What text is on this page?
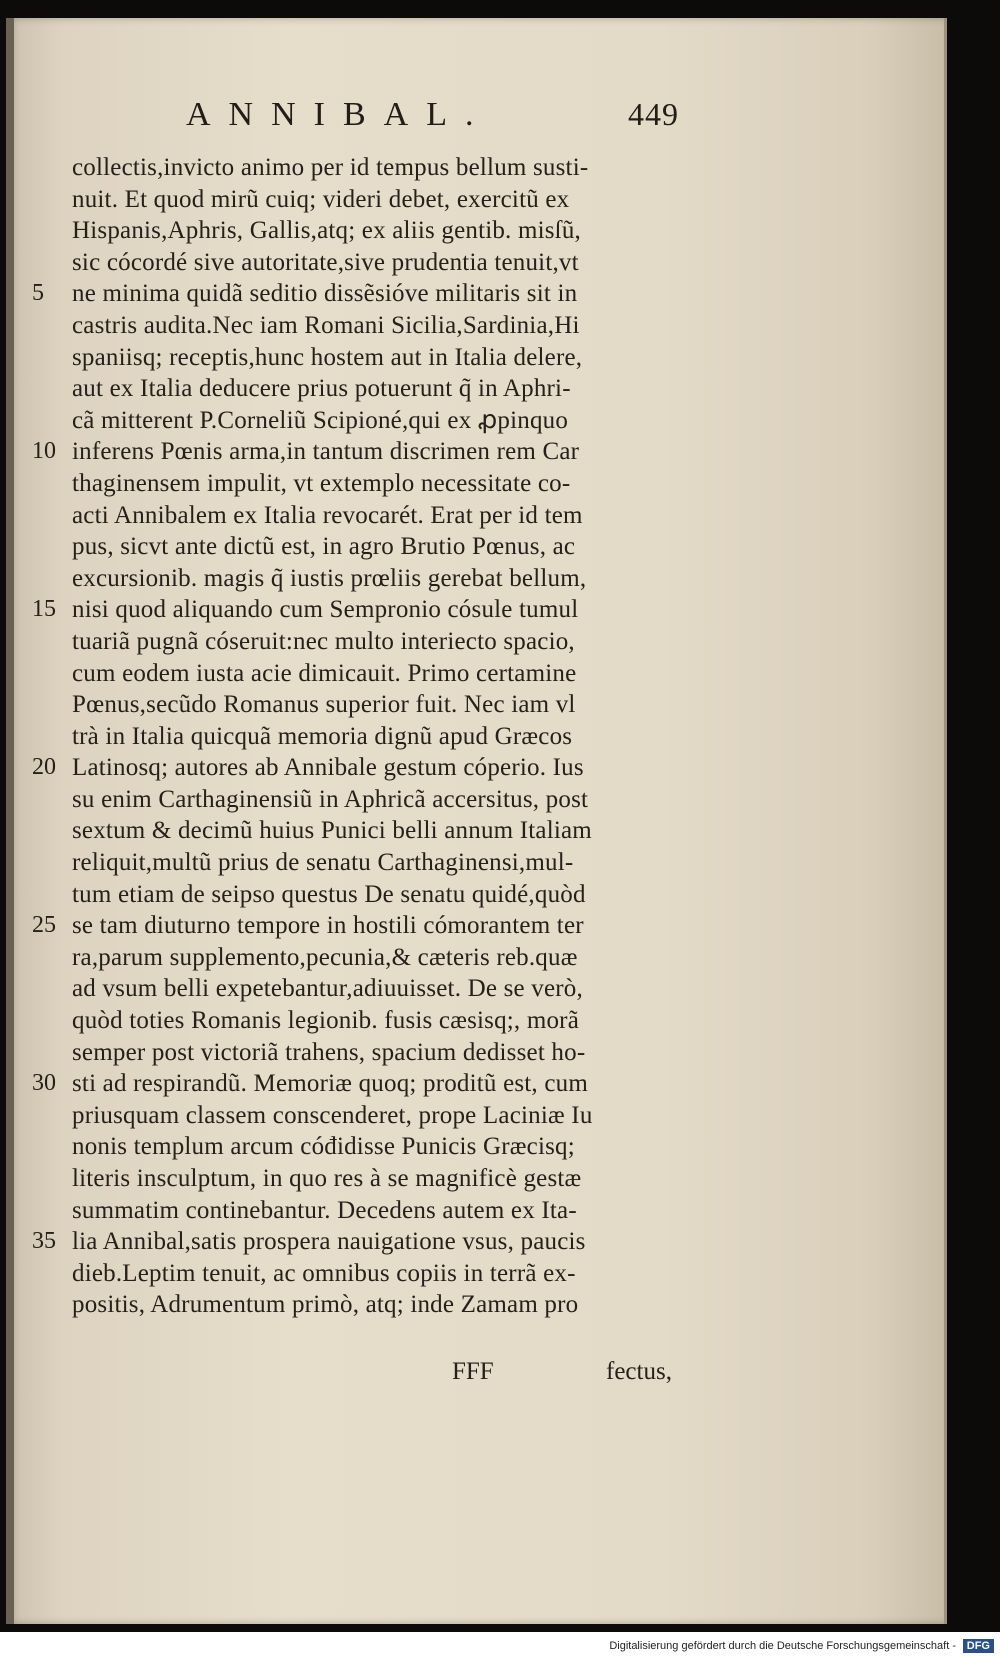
ANNIBAL.	449
collectis,invicto animo per id tempus bellum susti-
nuit. Et quod mirũ cuiq; videri debet, exercitũ ex
Hispanis,Aphris, Gallis,atq; ex aliis gentib. misſũ,
sic cócordé sive autoritate,sive prudentia tenuit,vt
5	ne minima quidã seditio dissẽsióve militaris sit in
castris audita.Nec iam Romani Sicilia,Sardinia,Hi
spaniisq; receptis,hunc hostem aut in Italia delere,
aut ex Italia deducere prius potuerunt q̃ in Aphri-
cã mitterent P.Corneliũ Scipioné,qui ex ꝓpinquo
10 inferens Pœnis arma,in tantum discrimen rem Car
thaginensem impulit, vt extemplo necessitate co-
acti Annibalem ex Italia revocarét. Erat per id tem
pus, sicvt ante dictũ est, in agro Brutio Pœnus, ac
excursionib. magis q̃ iustis prœliis gerebat bellum,
15 nisi quod aliquando cum Sempronio cósule tumul
tuariã pugnã cóseruit:nec multo interiecto spacio,
cum eodem iusta acie dimicauit. Primo certamine
Pœnus,secũdo Romanus superior fuit. Nec iam vl
trà in Italia quicquã memoria dignũ apud Græcos
20 Latinosq; autores ab Annibale gestum cóperio. Ius
su enim Carthaginensiũ in Aphricã accersitus, post
sextum & decimũ huius Punici belli annum Italiam
reliquit,multũ prius de senatu Carthaginensi,mul-
tum etiam de seipso questus De senatu quidé,quòd
25 se tam diuturno tempore in hostili cómorantem ter
ra,parum supplemento,pecunia,& cæteris reb.quæ
ad vsum belli expetebantur,adiuuisset. De se verò,
quòd toties Romanis legionib. fusis cæsisq;, morã
semper post victoriã trahens, spacium dedisset ho-
30 sti ad respirandũ. Memoriæ quoq; proditũ est, cum
priusquam classem conscenderet, prope Laciniæ Iu
nonis templum arcum cóđidisse Punicis Græcisq;
literis insculptum, in quo res à se magnificè gestæ
summatim continebantur. Decedens autem ex Ita-
35 lia Annibal,satis prospera nauigatione vsus, paucis
dieb.Leptim tenuit, ac omnibus copiis in terrã ex-
positis, Adrumentum primò, atq; inde Zamam pro
FFF	fectus,
Digitalisierung gefördert durch die Deutsche Forschungsgemeinschaft - DFG
